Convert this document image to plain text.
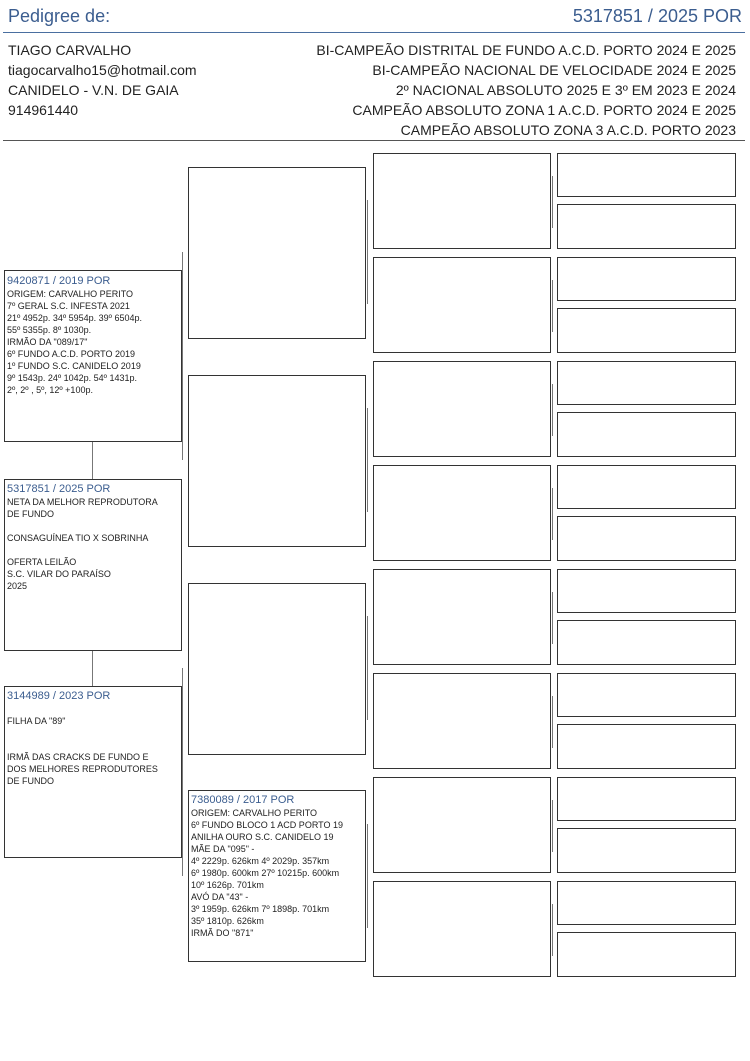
Pedigree de:	5317851 / 2025 POR
TIAGO CARVALHO
tiagocarvalho15@hotmail.com
CANIDELO - V.N. DE GAIA
914961440
BI-CAMPEÃO DISTRITAL DE FUNDO A.C.D. PORTO 2024 E 2025
BI-CAMPEÃO NACIONAL DE VELOCIDADE 2024 E 2025
2º NACIONAL ABSOLUTO 2025 E 3º EM 2023 E 2024
CAMPEÃO ABSOLUTO ZONA 1 A.C.D. PORTO 2024 E 2025
CAMPEÃO ABSOLUTO ZONA 3 A.C.D. PORTO 2023
9420871 / 2019 POR
ORIGEM: CARVALHO PERITO
7º GERAL S.C. INFESTA 2021
21º 4952p. 34º 5954p. 39º 6504p.
55º 5355p. 8º 1030p.
IRMÃO DA "089/17"
6º FUNDO A.C.D. PORTO 2019
1º FUNDO S.C. CANIDELO 2019
9º 1543p. 24º 1042p. 54º 1431p.
2º, 2º , 5º, 12º +100p.
5317851 / 2025 POR
NETA DA MELHOR REPRODUTORA
DE FUNDO

CONSAGUÍNEA TIO X SOBRINHA

OFERTA LEILÃO
S.C. VILAR DO PARAÍSO
2025
3144989 / 2023 POR

FILHA DA "89"

IRMÃ DAS CRACKS DE FUNDO E
DOS MELHORES REPRODUTORES
DE FUNDO
7380089 / 2017 POR
ORIGEM: CARVALHO PERITO
6º FUNDO BLOCO 1 ACD PORTO 19
ANILHA OURO S.C. CANIDELO 19
MÃE DA "095" -
4º 2229p. 626km 4º 2029p. 357km
6º 1980p. 600km 27º 10215p. 600km
10º 1626p. 701km
AVÓ DA "43" -
3º 1959p. 626km 7º 1898p. 701km
35º 1810p. 626km
IRMÃ DO "871"
